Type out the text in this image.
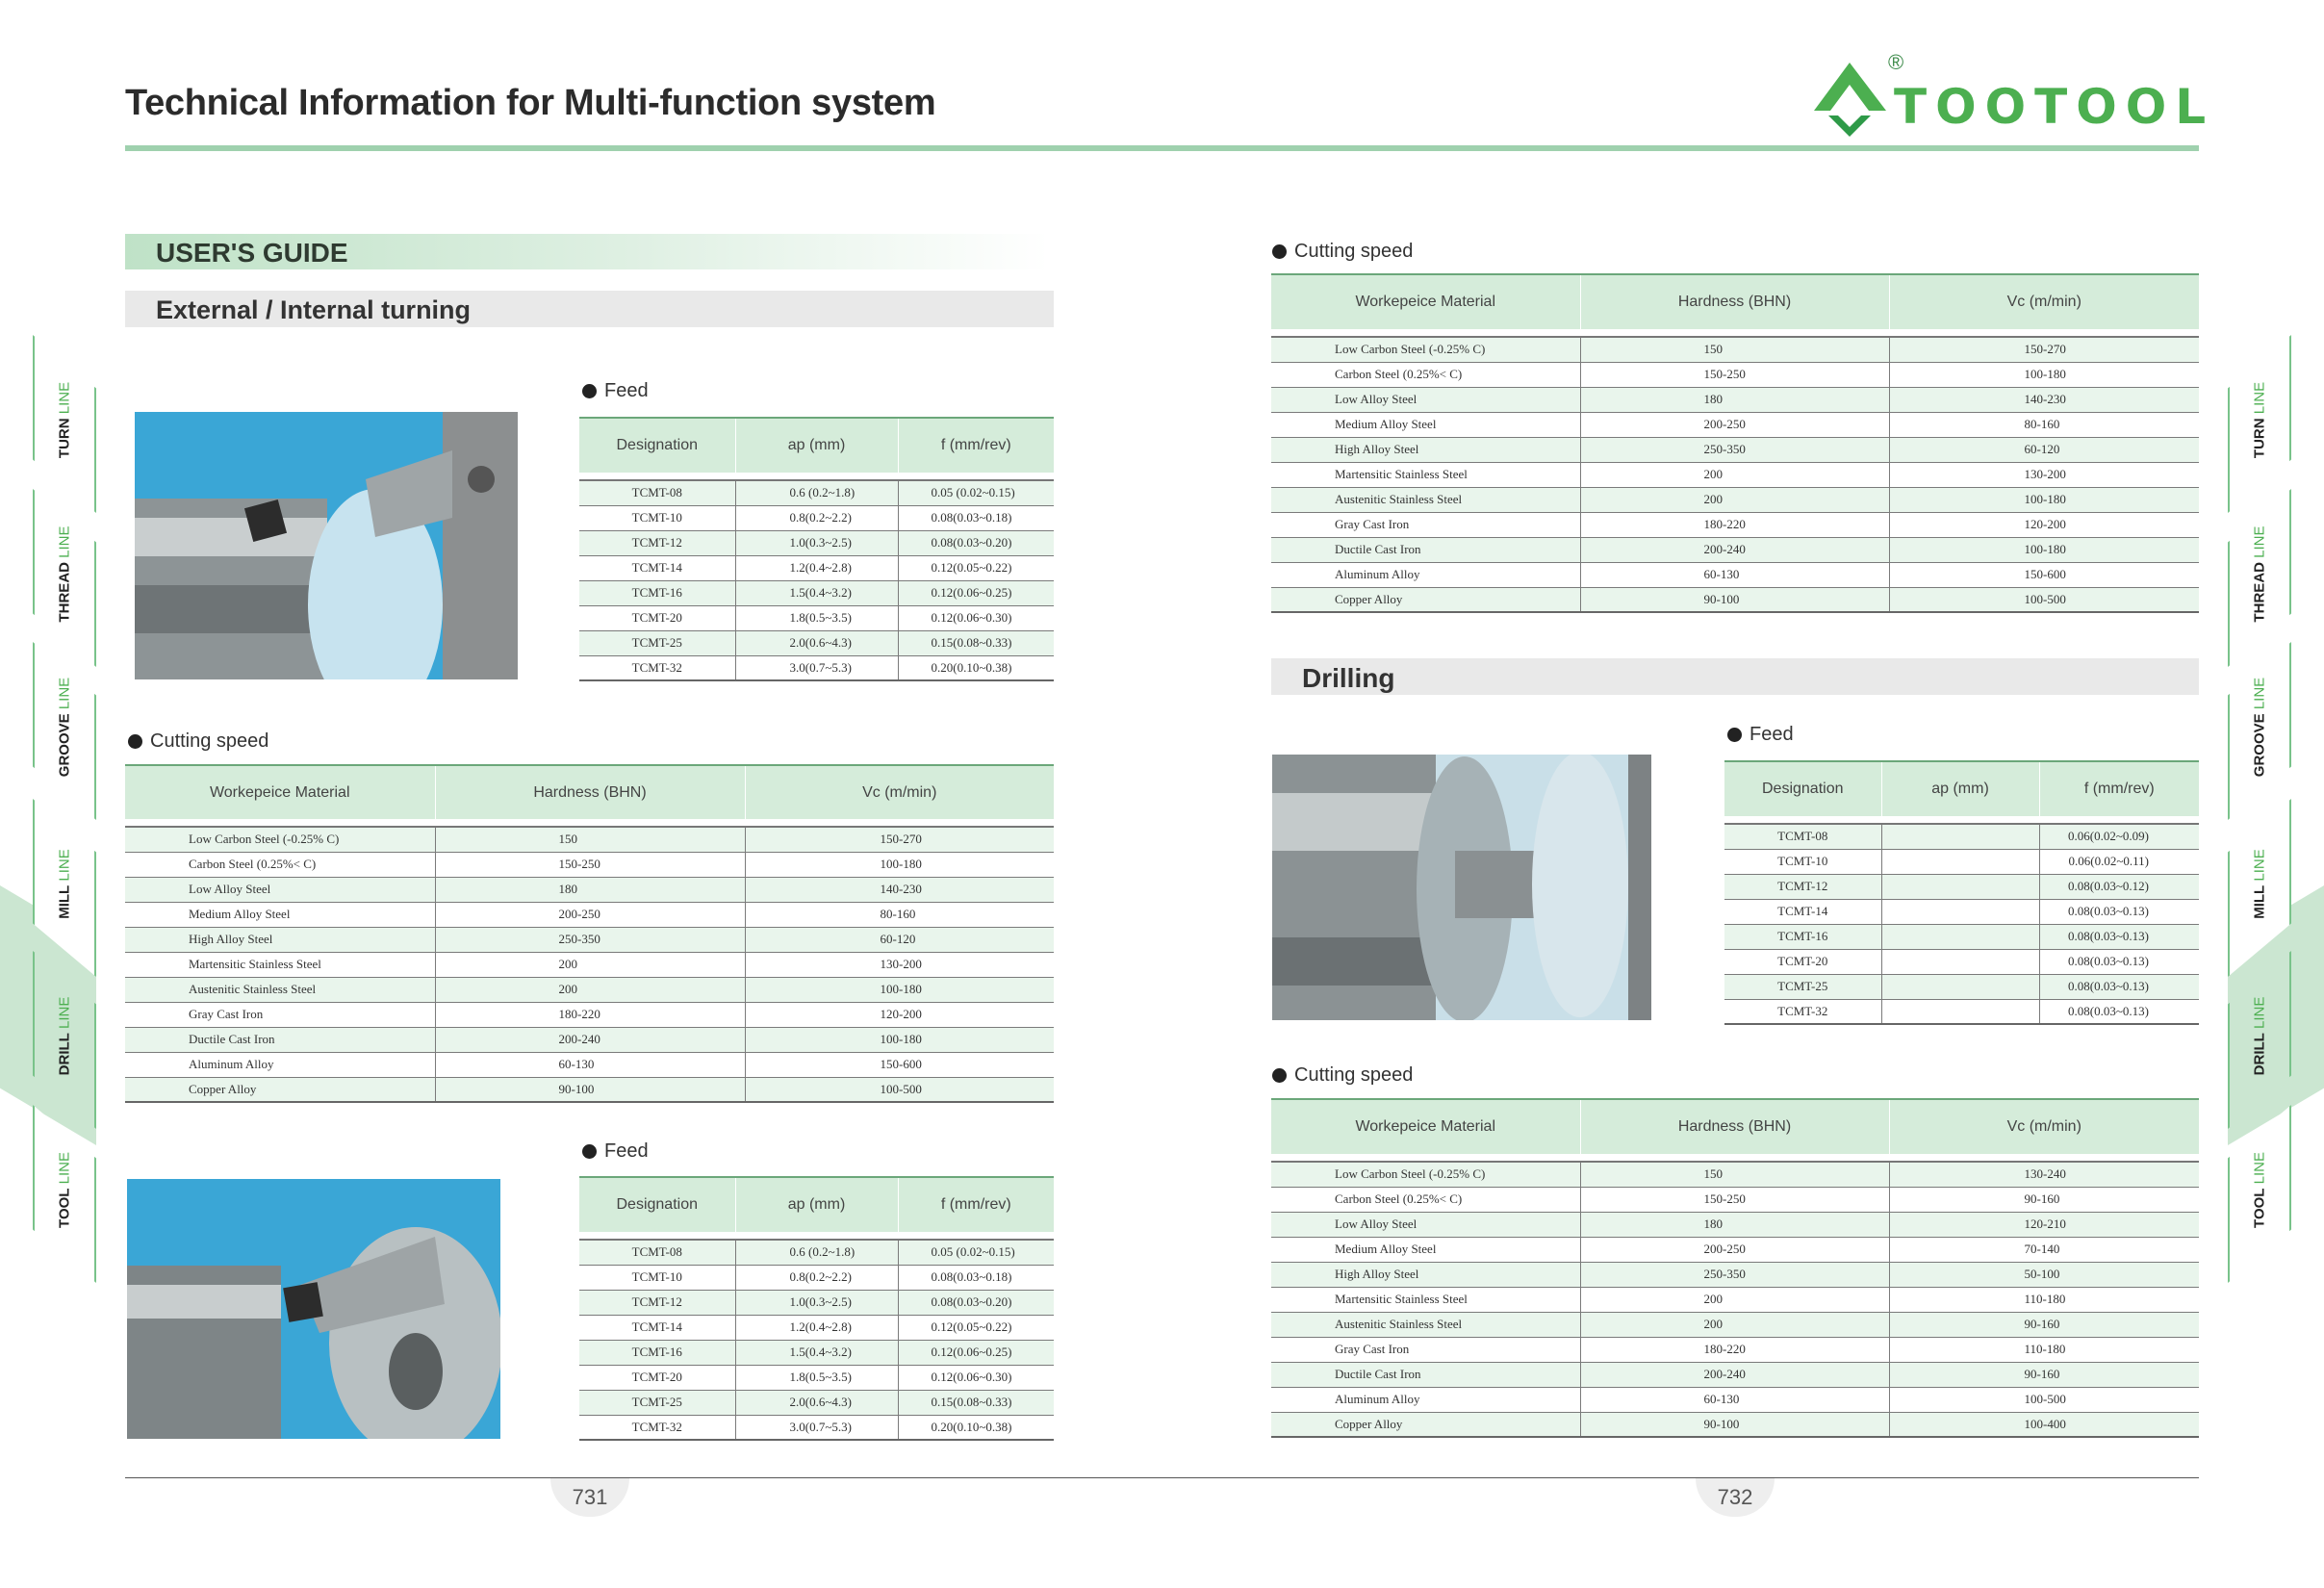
Technical Information for Multi-function system
®
TOOTOOL
USER'S GUIDE
External / Internal turning
Feed
Designation	ap (mm)	f (mm/rev)

TCMT-08	0.6 (0.2~1.8)	0.05 (0.02~0.15)
TCMT-10	0.8(0.2~2.2)	0.08(0.03~0.18)
TCMT-12	1.0(0.3~2.5)	0.08(0.03~0.20)
TCMT-14	1.2(0.4~2.8)	0.12(0.05~0.22)
TCMT-16	1.5(0.4~3.2)	0.12(0.06~0.25)
TCMT-20	1.8(0.5~3.5)	0.12(0.06~0.30)
TCMT-25	2.0(0.6~4.3)	0.15(0.08~0.33)
TCMT-32	3.0(0.7~5.3)	0.20(0.10~0.38)
Cutting speed
Workepeice Material	Hardness (BHN)	Vc (m/min)

Low Carbon Steel (-0.25% C)	150	150-270
Carbon Steel (0.25%< C)	150-250	100-180
Low Alloy Steel	180	140-230
Medium Alloy Steel	200-250	80-160
High Alloy Steel	250-350	60-120
Martensitic Stainless Steel	200	130-200
Austenitic Stainless Steel	200	100-180
Gray Cast Iron	180-220	120-200
Ductile Cast Iron	200-240	100-180
Aluminum Alloy	60-130	150-600
Copper Alloy	90-100	100-500
Feed
Designation	ap (mm)	f (mm/rev)

TCMT-08	0.6 (0.2~1.8)	0.05 (0.02~0.15)
TCMT-10	0.8(0.2~2.2)	0.08(0.03~0.18)
TCMT-12	1.0(0.3~2.5)	0.08(0.03~0.20)
TCMT-14	1.2(0.4~2.8)	0.12(0.05~0.22)
TCMT-16	1.5(0.4~3.2)	0.12(0.06~0.25)
TCMT-20	1.8(0.5~3.5)	0.12(0.06~0.30)
TCMT-25	2.0(0.6~4.3)	0.15(0.08~0.33)
TCMT-32	3.0(0.7~5.3)	0.20(0.10~0.38)
Cutting speed
Workepeice Material	Hardness (BHN)	Vc (m/min)

Low Carbon Steel (-0.25% C)	150	150-270
Carbon Steel (0.25%< C)	150-250	100-180
Low Alloy Steel	180	140-230
Medium Alloy Steel	200-250	80-160
High Alloy Steel	250-350	60-120
Martensitic Stainless Steel	200	130-200
Austenitic Stainless Steel	200	100-180
Gray Cast Iron	180-220	120-200
Ductile Cast Iron	200-240	100-180
Aluminum Alloy	60-130	150-600
Copper Alloy	90-100	100-500
Drilling
Feed
Designation	ap (mm)	f (mm/rev)

TCMT-08		0.06(0.02~0.09)
TCMT-10		0.06(0.02~0.11)
TCMT-12		0.08(0.03~0.12)
TCMT-14		0.08(0.03~0.13)
TCMT-16		0.08(0.03~0.13)
TCMT-20		0.08(0.03~0.13)
TCMT-25		0.08(0.03~0.13)
TCMT-32		0.08(0.03~0.13)
Cutting speed
Workepeice Material	Hardness (BHN)	Vc (m/min)

Low Carbon Steel (-0.25% C)	150	130-240
Carbon Steel (0.25%< C)	150-250	90-160
Low Alloy Steel	180	120-210
Medium Alloy Steel	200-250	70-140
High Alloy Steel	250-350	50-100
Martensitic Stainless Steel	200	110-180
Austenitic Stainless Steel	200	90-160
Gray Cast Iron	180-220	110-180
Ductile Cast Iron	200-240	90-160
Aluminum Alloy	60-130	100-500
Copper Alloy	90-100	100-400
TURN LINE
THREAD LINE
GROOVE LINE
MILL LINE
DRILL LINE
TOOL LINE
TURN LINE
THREAD LINE
GROOVE LINE
MILL LINE
DRILL LINE
TOOL LINE
731	732
